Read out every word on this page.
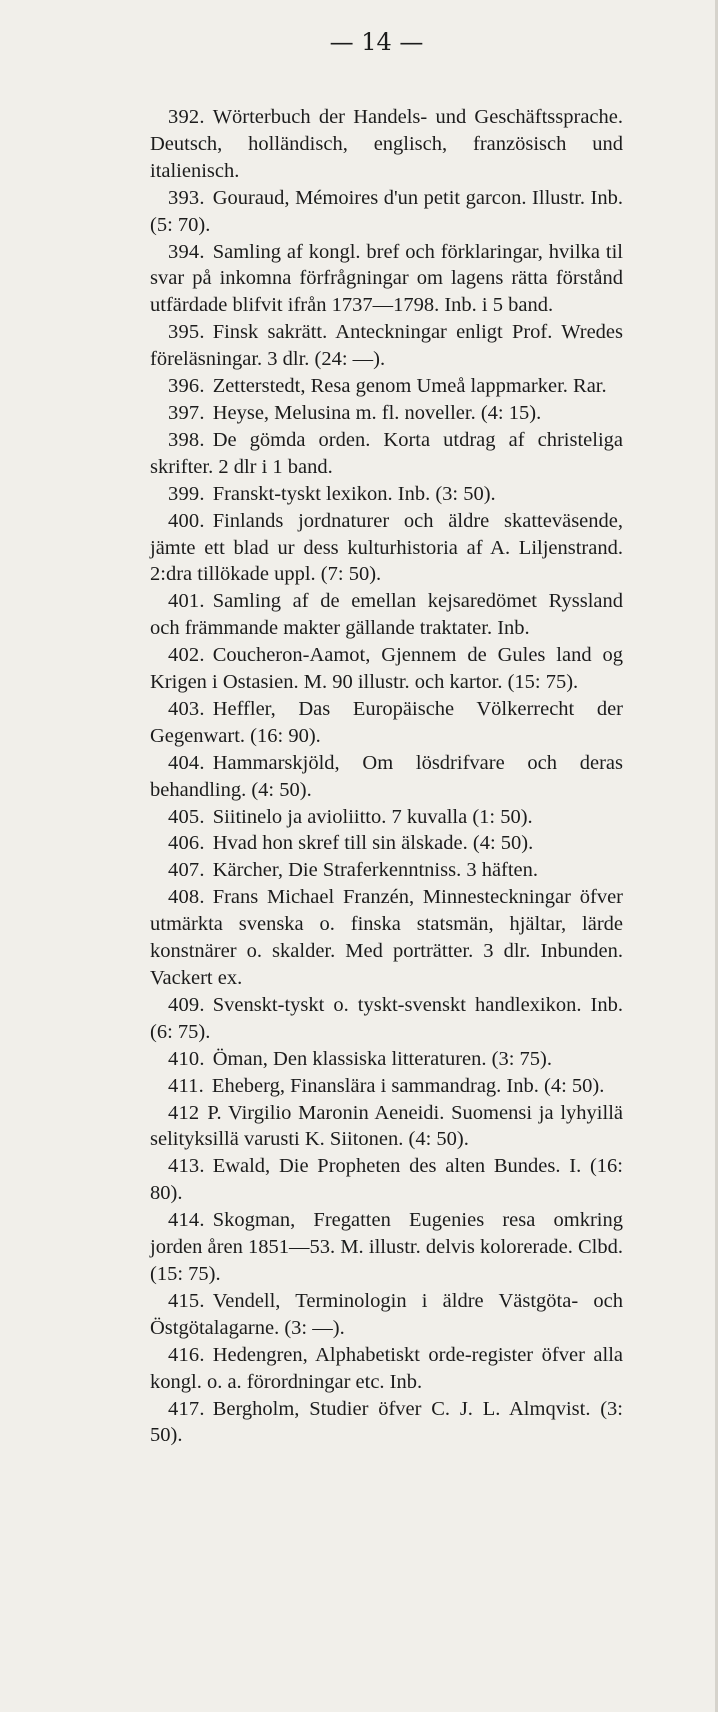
— 14 —

392. Wörterbuch der Handels- und Geschäftssprache. Deutsch, holländisch, englisch, französisch und italienisch.

393. Gouraud, Mémoires d'un petit garcon. Illustr. Inb. (5: 70).

394. Samling af kongl. bref och förklaringar, hvilka til svar på inkomna förfrågningar om lagens rätta förstånd utfärdade blifvit ifrån 1737—1798. Inb. i 5 band.

395. Finsk sakrätt. Anteckningar enligt Prof. Wredes föreläsningar. 3 dlr. (24: —).

396. Zetterstedt, Resa genom Umeå lappmarker. Rar.

397. Heyse, Melusina m. fl. noveller. (4: 15).

398. De gömda orden. Korta utdrag af christeliga skrifter. 2 dlr i 1 band.

399. Franskt-tyskt lexikon. Inb. (3: 50).

400. Finlands jordnaturer och äldre skatteväsende, jämte ett blad ur dess kulturhistoria af A. Liljenstrand. 2:dra tillökade uppl. (7: 50).

401. Samling af de emellan kejsaredömet Ryssland och främmande makter gällande traktater. Inb.

402. Coucheron-Aamot, Gjennem de Gules land og Krigen i Ostasien. M. 90 illustr. och kartor. (15: 75).

403. Heffler, Das Europäische Völkerrecht der Gegenwart. (16: 90).

404. Hammarskjöld, Om lösdrifvare och deras behandling. (4: 50).

405. Siitinelo ja avioliitto. 7 kuvalla (1: 50).

406. Hvad hon skref till sin älskade. (4: 50).

407. Kärcher, Die Straferkenntniss. 3 häften.

408. Frans Michael Franzén, Minnesteckningar öfver utmärkta svenska o. finska statsmän, hjältar, lärde konstnärer o. skalder. Med porträtter. 3 dlr. Inbunden. Vackert ex.

409. Svenskt-tyskt o. tyskt-svenskt handlexikon. Inb. (6: 75).

410. Öman, Den klassiska litteraturen. (3: 75).

411. Eheberg, Finanslära i sammandrag. Inb. (4: 50).

412 P. Virgilio Maronin Aeneidi. Suomensi ja lyhyillä selityksillä varusti K. Siitonen. (4: 50).

413. Ewald, Die Propheten des alten Bundes. I. (16: 80).

414. Skogman, Fregatten Eugenies resa omkring jorden åren 1851—53. M. illustr. delvis kolorerade. Clbd. (15: 75).

415. Vendell, Terminologin i äldre Västgöta- och Östgötalagarne. (3: —).

416. Hedengren, Alphabetiskt orde-register öfver alla kongl. o. a. förordningar etc. Inb.

417. Bergholm, Studier öfver C. J. L. Almqvist. (3: 50).
